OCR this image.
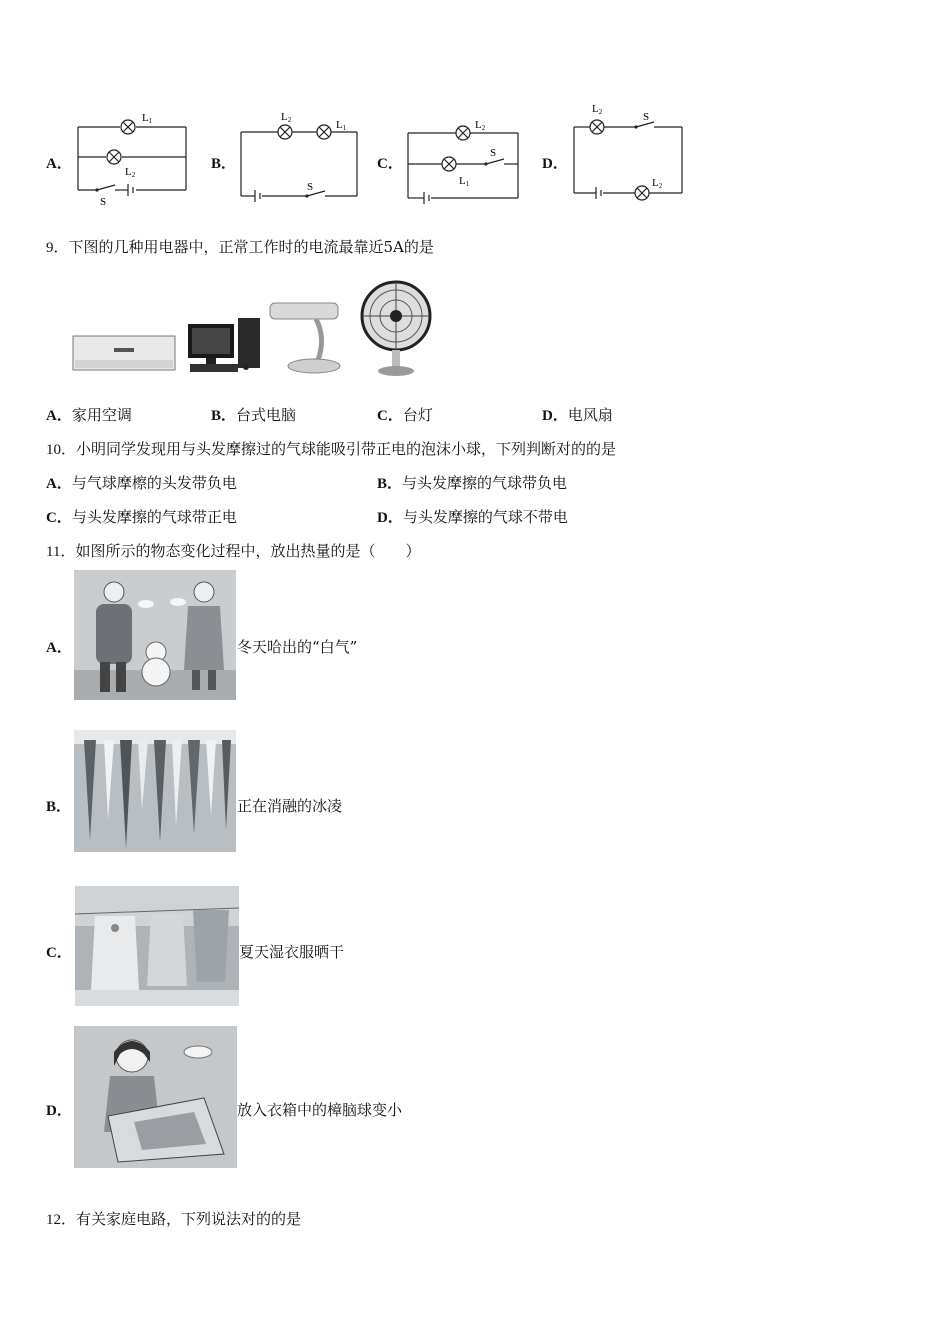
A．	B．	C．	D．
L1
L2
S
L2	L1
S
L2
S
L1
L2	S
L2
9．下图的几种用电器中，正常工作时的电流最靠近5A的是
A．家用空调	B．台式电脑	C．台灯	D．电风扇
10．小明同学发现用与头发摩擦过的气球能吸引带正电的泡沫小球，下列判断对的的是
A．与气球摩檫的头发带负电	B．与头发摩擦的气球带负电
C．与头发摩擦的气球带正电	D．与头发摩擦的气球不带电
11．如图所示的物态变化过程中，放出热量的是（　　）
A．	冬天哈出的“白气”
B．	正在消融的冰凌
C．	夏天湿衣服晒干
D．	放入衣箱中的樟脑球变小
12．有关家庭电路，下列说法对的的是
